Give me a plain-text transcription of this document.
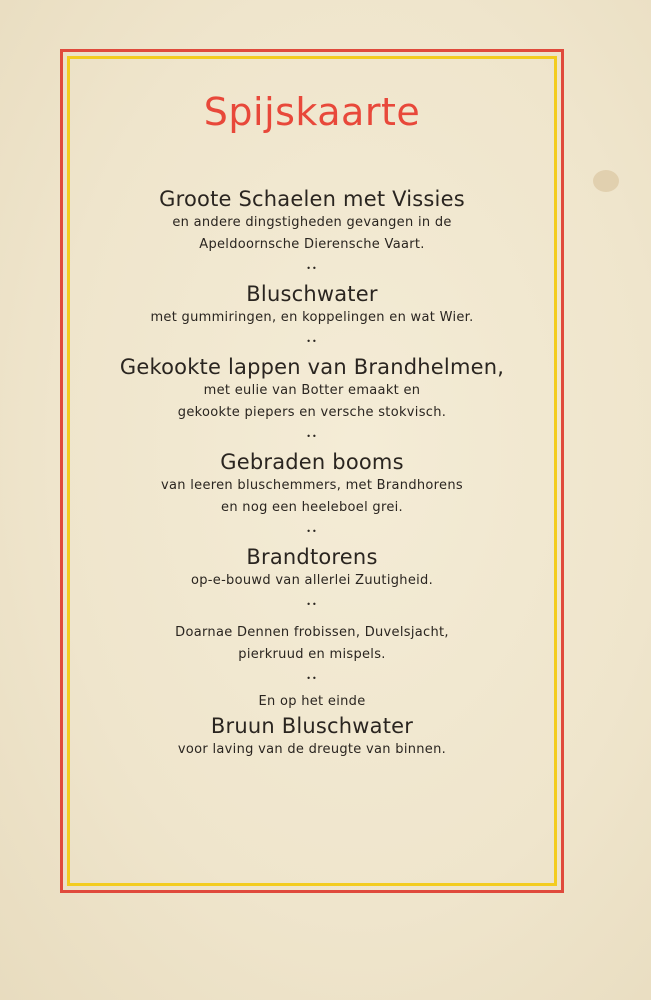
Spijskaarte
Groote Schaelen met Vissies
en andere dingstigheden gevangen in de
Apeldoornsche Dierensche Vaart.
••
Bluschwater
met gummiringen, en koppelingen en wat Wier.
••
Gekookte lappen van Brandhelmen,
met eulie van Botter emaakt en
gekookte piepers en versche stokvisch.
••
Gebraden booms
van leeren bluschemmers, met Brandhorens
en nog een heeleboel grei.
••
Brandtorens
op-e-bouwd van allerlei Zuutigheid.
••
Doarnae Dennen frobissen, Duvelsjacht,
pierkruud en mispels.
••
En op het einde
Bruun Bluschwater
voor laving van de dreugte van binnen.
